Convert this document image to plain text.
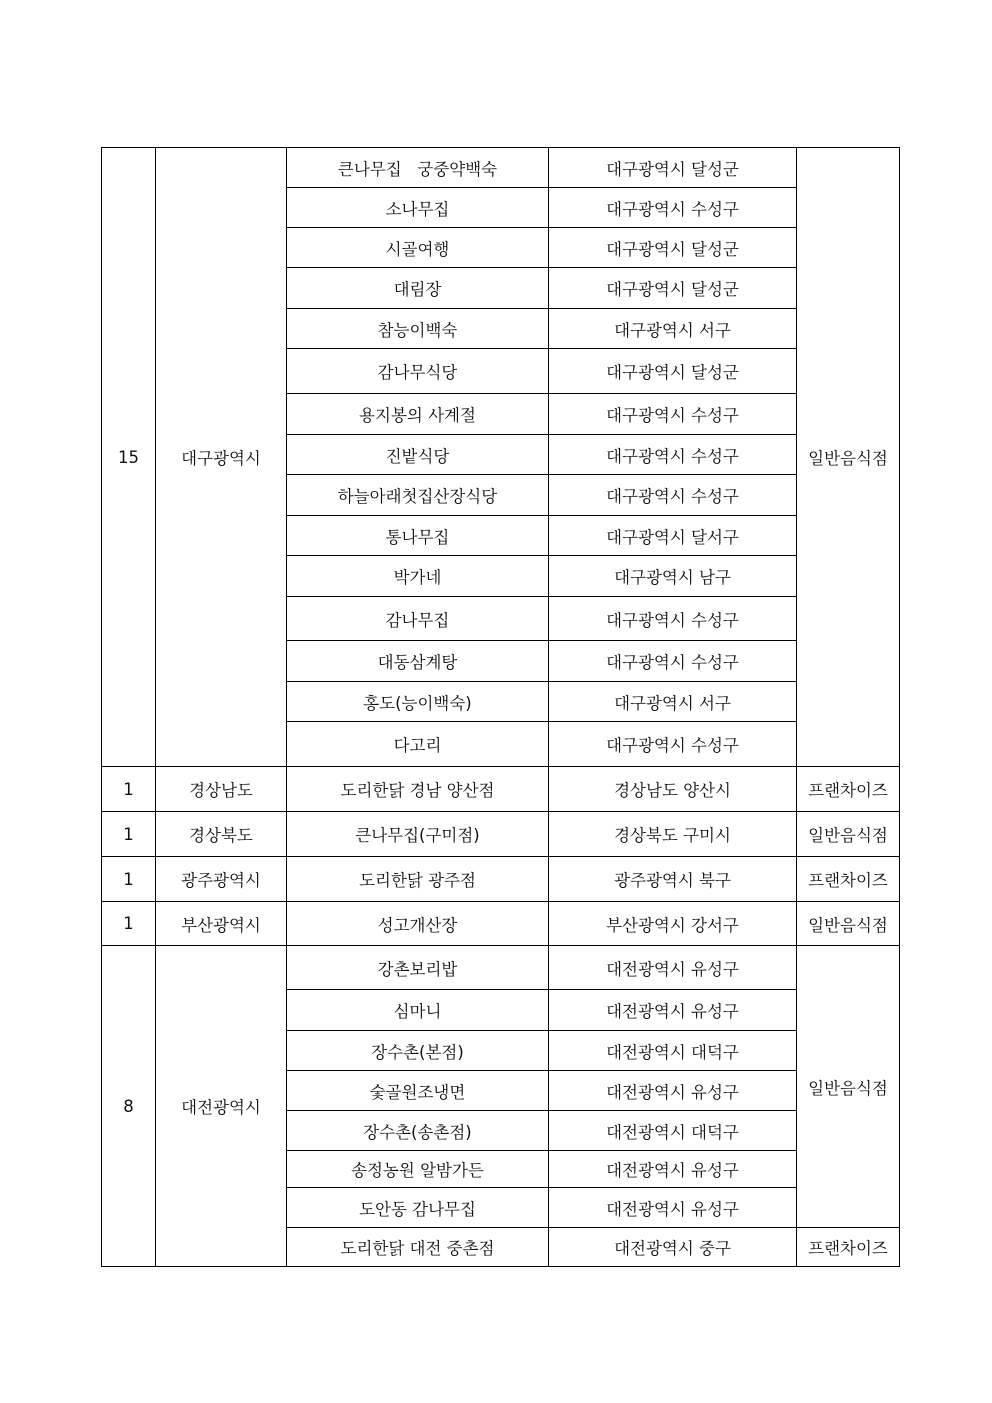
15	대구광역시	큰나무집   궁중약백숙	대구광역시 달성군	일반음식점
		소나무집	대구광역시 수성구	
		시골여행	대구광역시 달성군	
		대림장	대구광역시 달성군	
		참능이백숙	대구광역시 서구	
		감나무식당	대구광역시 달성군	
		용지봉의 사계절	대구광역시 수성구	
		진밭식당	대구광역시 수성구	
		하늘아래첫집산장식당	대구광역시 수성구	
		통나무집	대구광역시 달서구	
		박가네	대구광역시 남구	
		감나무집	대구광역시 수성구	
		대동삼계탕	대구광역시 수성구	
		홍도(능이백숙)	대구광역시 서구	
		다고리	대구광역시 수성구	
1	경상남도	도리한닭 경남 양산점	경상남도 양산시	프랜차이즈
1	경상북도	큰나무집(구미점)	경상북도 구미시	일반음식점
1	광주광역시	도리한닭 광주점	광주광역시 북구	프랜차이즈
1	부산광역시	성고개산장	부산광역시 강서구	일반음식점
8	대전광역시	강촌보리밥	대전광역시 유성구	일반음식점
		심마니	대전광역시 유성구	
		장수촌(본점)	대전광역시 대덕구	
		숯골원조냉면	대전광역시 유성구	
		장수촌(송촌점)	대전광역시 대덕구	
		송정농원 알밤가든	대전광역시 유성구	
		도안동 감나무집	대전광역시 유성구	
		도리한닭 대전 중촌점	대전광역시 중구	프랜차이즈
